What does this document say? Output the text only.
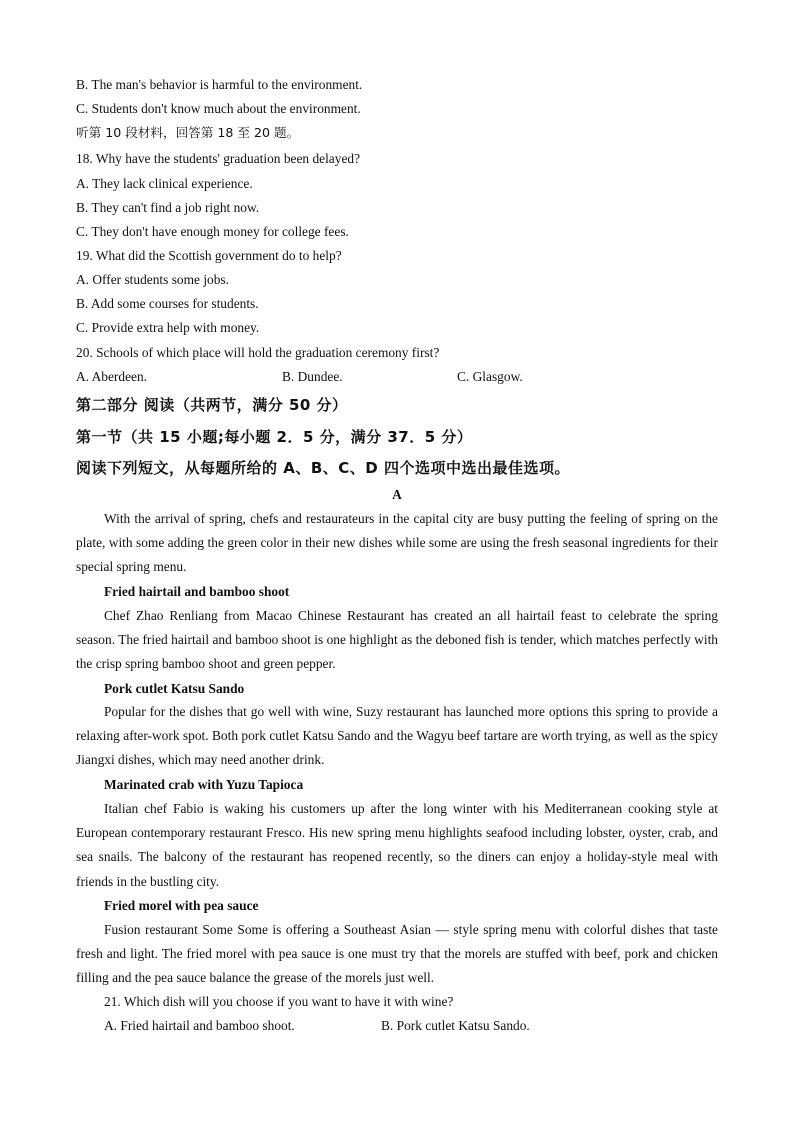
B. The man's behavior is harmful to the environment.
C. Students don't know much about the environment.
听第 10 段材料，回答第 18 至 20 题。
18. Why have the students' graduation been delayed?
A. They lack clinical experience.
B. They can't find a job right now.
C. They don't have enough money for college fees.
19. What did the Scottish government do to help?
A. Offer students some jobs.
B. Add some courses for students.
C. Provide extra help with money.
20. Schools of which place will hold the graduation ceremony first?
A. Aberdeen.	B. Dundee.	C. Glasgow.
第二部分 阅读（共两节，满分 50 分）
第一节（共 15 小题;每小题 2．5 分，满分 37．5 分）
阅读下列短文，从每题所给的 A、B、C、D 四个选项中选出最佳选项。
A
With the arrival of spring, chefs and restaurateurs in the capital city are busy putting the feeling of spring on the plate, with some adding the green color in their new dishes while some are using the fresh seasonal ingredients for their special spring menu.
Fried hairtail and bamboo shoot
Chef Zhao Renliang from Macao Chinese Restaurant has created an all hairtail feast to celebrate the spring season. The fried hairtail and bamboo shoot is one highlight as the deboned fish is tender, which matches perfectly with the crisp spring bamboo shoot and green pepper.
Pork cutlet Katsu Sando
Popular for the dishes that go well with wine, Suzy restaurant has launched more options this spring to provide a relaxing after-work spot. Both pork cutlet Katsu Sando and the Wagyu beef tartare are worth trying, as well as the spicy Jiangxi dishes, which may need another drink.
Marinated crab with Yuzu Tapioca
Italian chef Fabio is waking his customers up after the long winter with his Mediterranean cooking style at European contemporary restaurant Fresco. His new spring menu highlights seafood including lobster, oyster, crab, and sea snails. The balcony of the restaurant has reopened recently, so the diners can enjoy a holiday-style meal with friends in the bustling city.
Fried morel with pea sauce
Fusion restaurant Some Some is offering a Southeast Asian — style spring menu with colorful dishes that taste fresh and light. The fried morel with pea sauce is one must try that the morels are stuffed with beef, pork and chicken filling and the pea sauce balance the grease of the morels just well.
21. Which dish will you choose if you want to have it with wine?
A. Fried hairtail and bamboo shoot.	B. Pork cutlet Katsu Sando.
